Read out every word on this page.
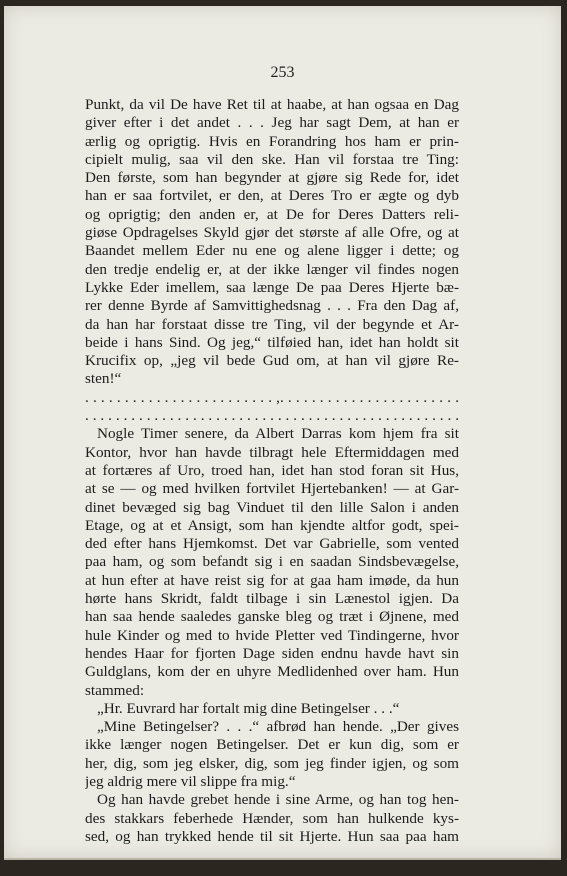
253
Punkt, da vil De have Ret til at haabe, at han ogsaa en Dag
giver efter i det andet . . . Jeg har sagt Dem, at han er
ærlig og oprigtig. Hvis en Forandring hos ham er prin-
cipielt mulig, saa vil den ske. Han vil forstaa tre Ting:
Den første, som han begynder at gjøre sig Rede for, idet
han er saa fortvilet, er den, at Deres Tro er ægte og dyb
og oprigtig; den anden er, at De for Deres Datters reli-
giøse Opdragelses Skyld gjør det største af alle Ofre, og at
Baandet mellem Eder nu ene og alene ligger i dette; og
den tredje endelig er, at der ikke længer vil findes nogen
Lykke Eder imellem, saa længe De paa Deres Hjerte bæ-
rer denne Byrde af Samvittighedsnag . . . Fra den Dag af,
da han har forstaat disse tre Ting, vil der begynde et Ar-
beide i hans Sind. Og jeg,“ tilføied han, idet han holdt sit
Krucifix op, „jeg vil bede Gud om, at han vil gjøre Re-
sten!“
. . . . . . . . . . . . . . . . . . . . . . . . ,. . . . . . . . . . . . . . . . . . . . . . .
. . . . . . . . . . . . . . . . . . . . . . . . . . . . . . . . . . . . . . . . . . . . . . . . .
Nogle Timer senere, da Albert Darras kom hjem fra sit
Kontor, hvor han havde tilbragt hele Eftermiddagen med
at fortæres af Uro, troed han, idet han stod foran sit Hus,
at se — og med hvilken fortvilet Hjertebanken! — at Gar-
dinet bevæged sig bag Vinduet til den lille Salon i anden
Etage, og at et Ansigt, som han kjendte altfor godt, spei-
ded efter hans Hjemkomst. Det var Gabrielle, som vented
paa ham, og som befandt sig i en saadan Sindsbevægelse,
at hun efter at have reist sig for at gaa ham imøde, da hun
hørte hans Skridt, faldt tilbage i sin Lænestol igjen. Da
han saa hende saaledes ganske bleg og træt i Øjnene, med
hule Kinder og med to hvide Pletter ved Tindingerne, hvor
hendes Haar for fjorten Dage siden endnu havde havt sin
Guldglans, kom der en uhyre Medlidenhed over ham. Hun
stammed:
„Hr. Euvrard har fortalt mig dine Betingelser . . .“
„Mine Betingelser? . . .“ afbrød han hende. „Der gives
ikke længer nogen Betingelser. Det er kun dig, som er
her, dig, som jeg elsker, dig, som jeg finder igjen, og som
jeg aldrig mere vil slippe fra mig.“
Og han havde grebet hende i sine Arme, og han tog hen-
des stakkars feberhede Hænder, som han hulkende kys-
sed, og han trykked hende til sit Hjerte. Hun saa paa ham
